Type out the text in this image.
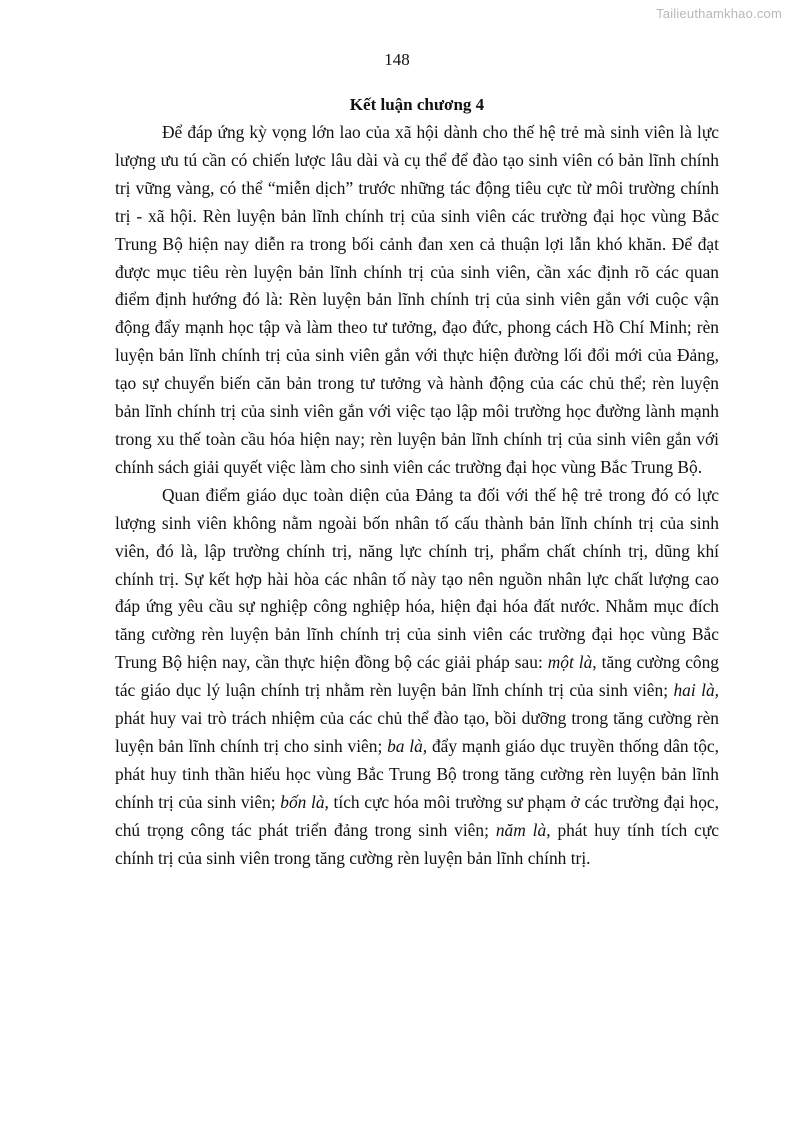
Tailieuthamkhao.com
148
Kết luận chương 4

Để đáp ứng kỳ vọng lớn lao của xã hội dành cho thế hệ trẻ mà sinh viên là lực lượng ưu tú cần có chiến lược lâu dài và cụ thể để đào tạo sinh viên có bản lĩnh chính trị vững vàng, có thể “miễn dịch” trước những tác động tiêu cực từ môi trường chính trị - xã hội. Rèn luyện bản lĩnh chính trị của sinh viên các trường đại học vùng Bắc Trung Bộ hiện nay diễn ra trong bối cảnh đan xen cả thuận lợi lẫn khó khăn. Để đạt được mục tiêu rèn luyện bản lĩnh chính trị của sinh viên, cần xác định rõ các quan điểm định hướng đó là: Rèn luyện bản lĩnh chính trị của sinh viên gắn với cuộc vận động đẩy mạnh học tập và làm theo tư tưởng, đạo đức, phong cách Hồ Chí Minh; rèn luyện bản lĩnh chính trị của sinh viên gắn với thực hiện đường lối đổi mới của Đảng, tạo sự chuyển biến căn bản trong tư tưởng và hành động của các chủ thể; rèn luyện bản lĩnh chính trị của sinh viên gắn với việc tạo lập môi trường học đường lành mạnh trong xu thế toàn cầu hóa hiện nay; rèn luyện bản lĩnh chính trị của sinh viên gắn với chính sách giải quyết việc làm cho sinh viên các trường đại học vùng Bắc Trung Bộ.

Quan điểm giáo dục toàn diện của Đảng ta đối với thế hệ trẻ trong đó có lực lượng sinh viên không nằm ngoài bốn nhân tố cấu thành bản lĩnh chính trị của sinh viên, đó là, lập trường chính trị, năng lực chính trị, phẩm chất chính trị, dũng khí chính trị. Sự kết hợp hài hòa các nhân tố này tạo nên nguồn nhân lực chất lượng cao đáp ứng yêu cầu sự nghiệp công nghiệp hóa, hiện đại hóa đất nước. Nhằm mục đích tăng cường rèn luyện bản lĩnh chính trị của sinh viên các trường đại học vùng Bắc Trung Bộ hiện nay, cần thực hiện đồng bộ các giải pháp sau: một là, tăng cường công tác giáo dục lý luận chính trị nhằm rèn luyện bản lĩnh chính trị của sinh viên; hai là, phát huy vai trò trách nhiệm của các chủ thể đào tạo, bồi dưỡng trong tăng cường rèn luyện bản lĩnh chính trị cho sinh viên; ba là, đẩy mạnh giáo dục truyền thống dân tộc, phát huy tinh thần hiếu học vùng Bắc Trung Bộ trong tăng cường rèn luyện bản lĩnh chính trị của sinh viên; bốn là, tích cực hóa môi trường sư phạm ở các trường đại học, chú trọng công tác phát triển đảng trong sinh viên; năm là, phát huy tính tích cực chính trị của sinh viên trong tăng cường rèn luyện bản lĩnh chính trị.
